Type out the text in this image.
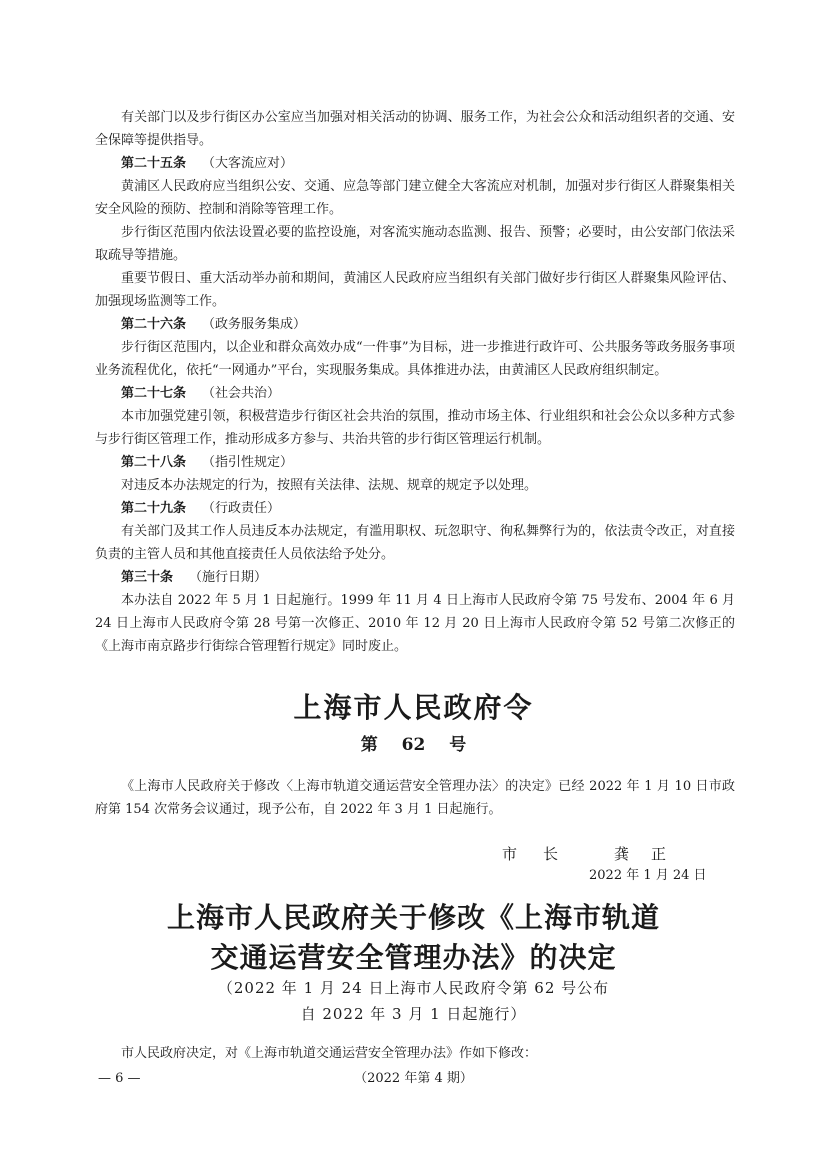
有关部门以及步行街区办公室应当加强对相关活动的协调、服务工作，为社会公众和活动组织者的交通、安全保障等提供指导。

第二十五条 （大客流应对）

黄浦区人民政府应当组织公安、交通、应急等部门建立健全大客流应对机制，加强对步行街区人群聚集相关安全风险的预防、控制和消除等管理工作。

步行街区范围内依法设置必要的监控设施，对客流实施动态监测、报告、预警；必要时，由公安部门依法采取疏导等措施。

重要节假日、重大活动举办前和期间，黄浦区人民政府应当组织有关部门做好步行街区人群聚集风险评估、加强现场监测等工作。

第二十六条 （政务服务集成）

步行街区范围内，以企业和群众高效办成“一件事”为目标，进一步推进行政许可、公共服务等政务服务事项业务流程优化，依托“一网通办”平台，实现服务集成。具体推进办法，由黄浦区人民政府组织制定。

第二十七条 （社会共治）

本市加强党建引领，积极营造步行街区社会共治的氛围，推动市场主体、行业组织和社会公众以多种方式参与步行街区管理工作，推动形成多方参与、共治共管的步行街区管理运行机制。

第二十八条 （指引性规定）

对违反本办法规定的行为，按照有关法律、法规、规章的规定予以处理。

第二十九条 （行政责任）

有关部门及其工作人员违反本办法规定，有滥用职权、玩忽职守、徇私舞弊行为的，依法责令改正，对直接负责的主管人员和其他直接责任人员依法给予处分。

第三十条 （施行日期）

本办法自 2022 年 5 月 1 日起施行。1999 年 11 月 4 日上海市人民政府令第 75 号发布、2004 年 6 月 24 日上海市人民政府令第 28 号第一次修正、2010 年 12 月 20 日上海市人民政府令第 52 号第二次修正的《上海市南京路步行街综合管理暂行规定》同时废止。

上海市人民政府令
第 62 号

《上海市人民政府关于修改〈上海市轨道交通运营安全管理办法〉的决定》已经 2022 年 1 月 10 日市政府第 154 次常务会议通过，现予公布，自 2022 年 3 月 1 日起施行。

市长 龚正
2022 年 1 月 24 日
上海市人民政府关于修改《上海市轨道
交通运营安全管理办法》的决定
（2022 年 1 月 24 日上海市人民政府令第 62 号公布
自 2022 年 3 月 1 日起施行）

市人民政府决定，对《上海市轨道交通运营安全管理办法》作如下修改：

— 6 —	（2022 年第 4 期）
